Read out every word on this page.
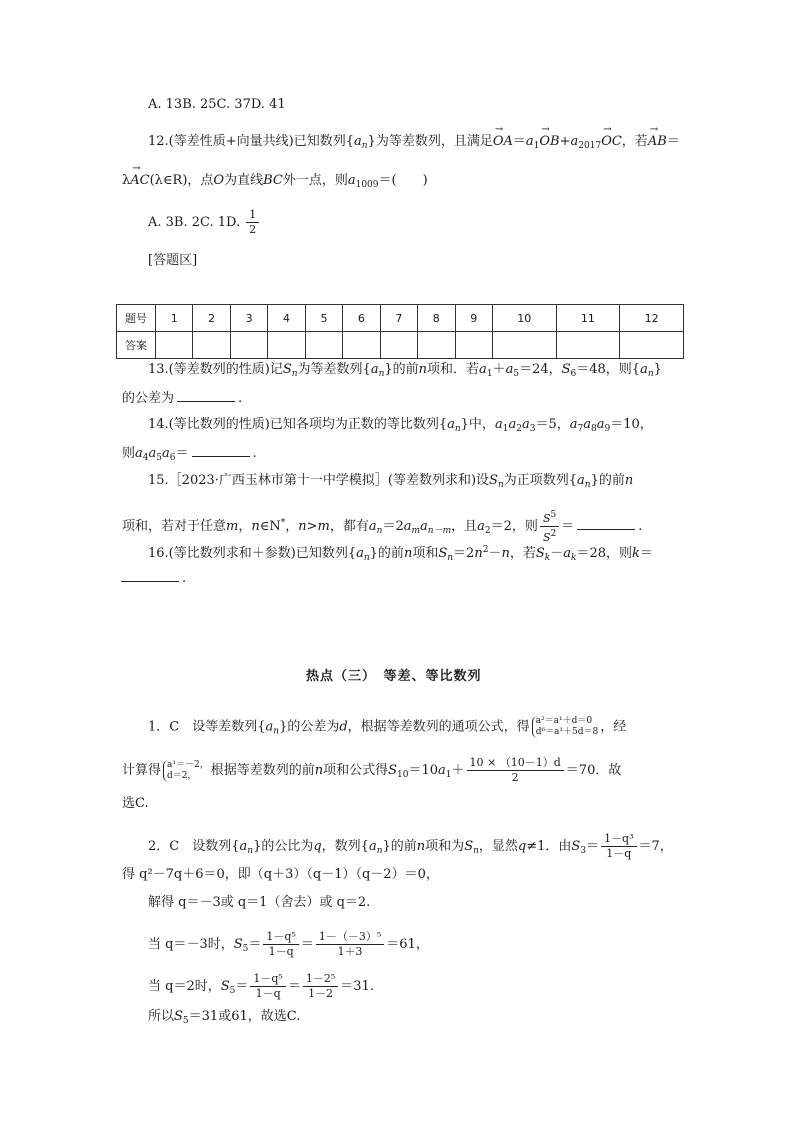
A. 13B. 25C. 37D. 41
12.(等差性质+向量共线)已知数列$\{a_n\}$为等差数列，且满足→ $OA=a_1\to OB+a_{2017}\to$ OC，若→ AB＝
λ→ AC(λ∈R)，点O为直线BC外一点，则$a_{1009}=$(　　)
A. 3B. 2C. 1D. $\frac{1}{2}$
[答题区]
题号	1	2	3	4	5	6	7	8	9	10	11	12
答案												
13.(等差数列的性质)记$S_n$为等差数列$\{a_n\}$的前n项和．若$a_1+a_5=24$，$S_6=48$，则$\{a_n\}$
的公差为	.
14.(等比数列的性质)已知各项均为正数的等比数列$\{a_n\}$中，$a_1a_2a_3=5$，$a_7a_8a_9=10$，
则$a_4a_5a_6=$	.
15.［2023·广西玉林市第十一中学模拟］(等差数列求和)设$S_n$为正项数列$\{a_n\}$的前n
项和，若对于任意m，n∈N*，n>m，都有$a_n=2a_ma_{n-m}$，且$a_2=2$，则 $\frac{S^5}{S^2}$ ＝	.
16.(等比数列求和＋参数)已知数列$\{a_n\}$的前n项和$S_n=2n^2-n$，若$S_k-a_k=28$，则k＝
.
热点（三）　等差、等比数列
1．C　设等差数列$\{a_n\}$的公差为d，根据等差数列的通项公式，得 a²＝a¹＋d＝0
d⁶＝a¹＋5d＝8 ，经
计算得 a¹＝－2，
d＝2，	根据等差数列的前n项和公式得$S_{10}=10a_1+ \frac{10 \times (10-1)d}{2} =70$．故
选C.
2．C　设数列$\{a_n\}$的公比为q，数列$\{a_n\}$的前n项和为$S_n$，显然q≠1．由$S_3= \frac{\text{1－q³}}{1-q} =7$，
得 q²－7q＋6＝0，即（q＋3）（q－1）（q－2）＝0，
解得 q＝－3或 q＝1（舍去）或 q＝2.
当 q＝－3时，$S_5= \frac{\text{1－q⁵}}{1-q} = \frac{\text{1－（－3）⁵}}{1+3} =61$，
当 q＝2时，$S_5= \frac{\text{1－q⁵}}{1-q} = \frac{\text{1－2⁵}}{1-2} =31$.
所以$S_5=31$或61，故选C.
